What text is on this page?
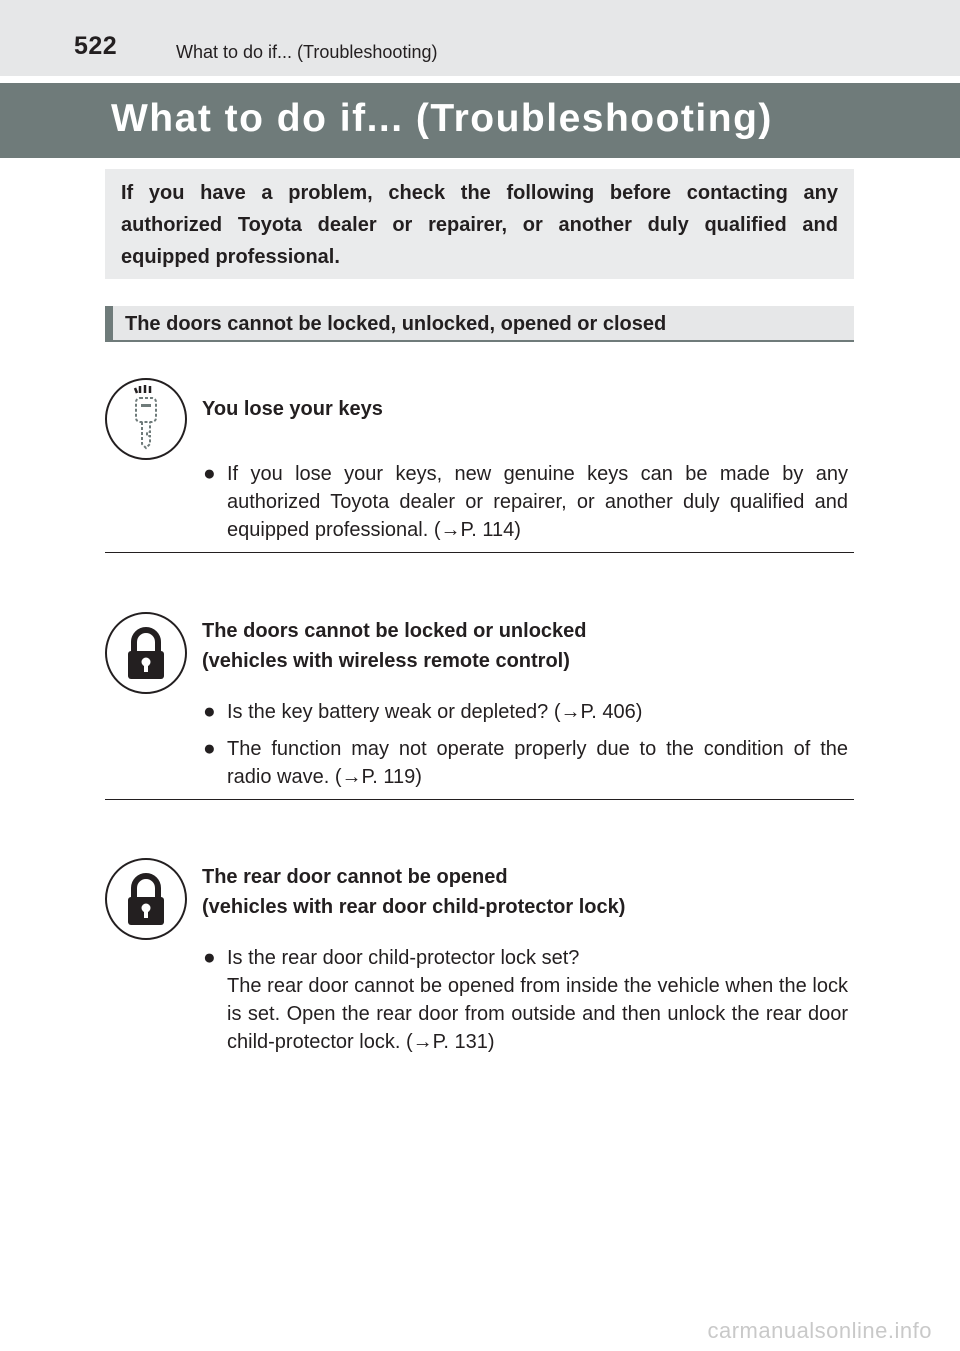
522	What to do if... (Troubleshooting)
What to do if... (Troubleshooting)
If you have a problem, check the following before contacting any authorized Toyota dealer or repairer, or another duly qualified and equipped professional.
The doors cannot be locked, unlocked, opened or closed
You lose your keys
● If you lose your keys, new genuine keys can be made by any authorized Toyota dealer or repairer, or another duly qualified and equipped professional. (→P. 114)
The doors cannot be locked or unlocked
(vehicles with wireless remote control)
● Is the key battery weak or depleted? (→P. 406)
● The function may not operate properly due to the condition of the radio wave. (→P. 119)
The rear door cannot be opened
(vehicles with rear door child-protector lock)
● Is the rear door child-protector lock set?
The rear door cannot be opened from inside the vehicle when the lock is set. Open the rear door from outside and then unlock the rear door child-protector lock. (→P. 131)
carmanualsonline.info
